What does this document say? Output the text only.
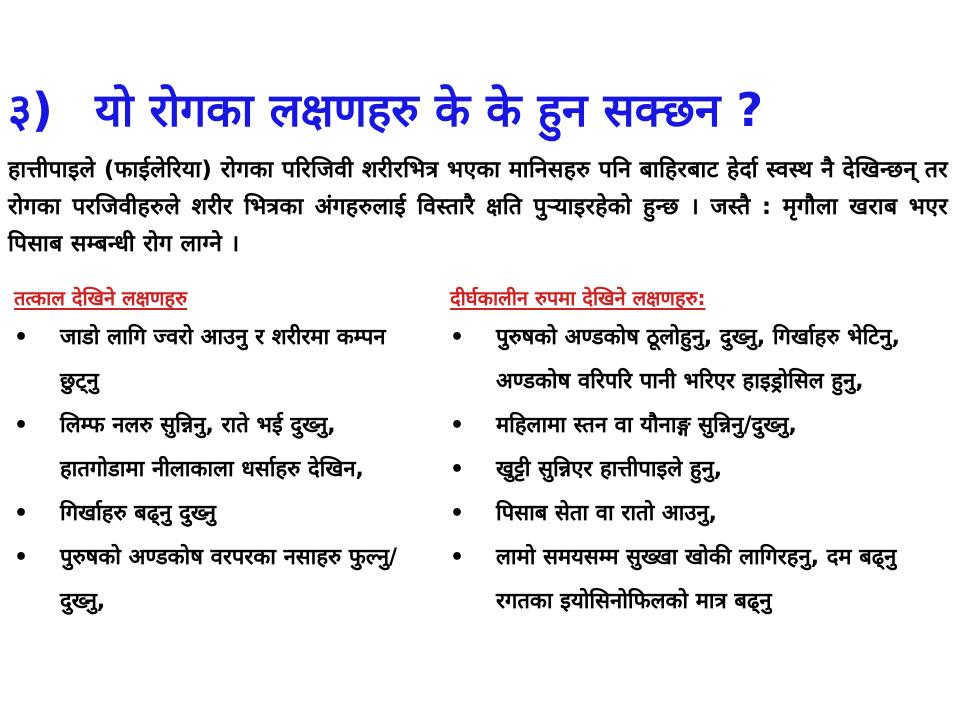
३) यो रोगका लक्षणहरु के के हुन सक्छन ?
हात्तीपाइले (फाईलेरिया) रोगका परिजिवी शरीरभित्र भएका मानिसहरु पनि बाहिरबाट हेर्दा स्वस्थ नै देखिन्छन् तर रोगका परजिवीहरुले शरीर भित्रका अंगहरुलाई विस्तारै क्षति पुऱ्याइरहेको हुन्छ । जस्तै : मृगौला खराब भएर पिसाब सम्बन्धी रोग लाग्ने ।
तत्काल देखिने लक्षणहरु
•	जाडो लागि ज्वरो आउनु र शरीरमा कम्पन छुट्नु
•	लिम्फ नलरु सुन्निनु, राते भई दुख्नु, हातगोडामा नीलाकाला धर्साहरु देखिन,
•	गिर्खाहरु बढ्नु दुख्नु
•	पुरुषको अण्डकोष वरपरका नसाहरु फुल्नु/दुख्नु,
दीर्घकालीन रुपमा देखिने लक्षणहरु:
•	पुरुषको अण्डकोष ठूलोहुनु, दुख्नु, गिर्खाहरु भेटिनु, अण्डकोष वरिपरि पानी भरिएर हाइड्रोसिल हुनु,
•	महिलामा स्तन वा यौनाङ्ग सुन्निनु/दुख्नु,
•	खुट्टी सुन्निएर हात्तीपाइले हुनु,
•	पिसाब सेता वा रातो आउनु,
•	लामो समयसम्म सुख्खा खोकी लागिरहनु, दम बढ्नु रगतका इयोसिनोफिलको मात्र बढ्नु
